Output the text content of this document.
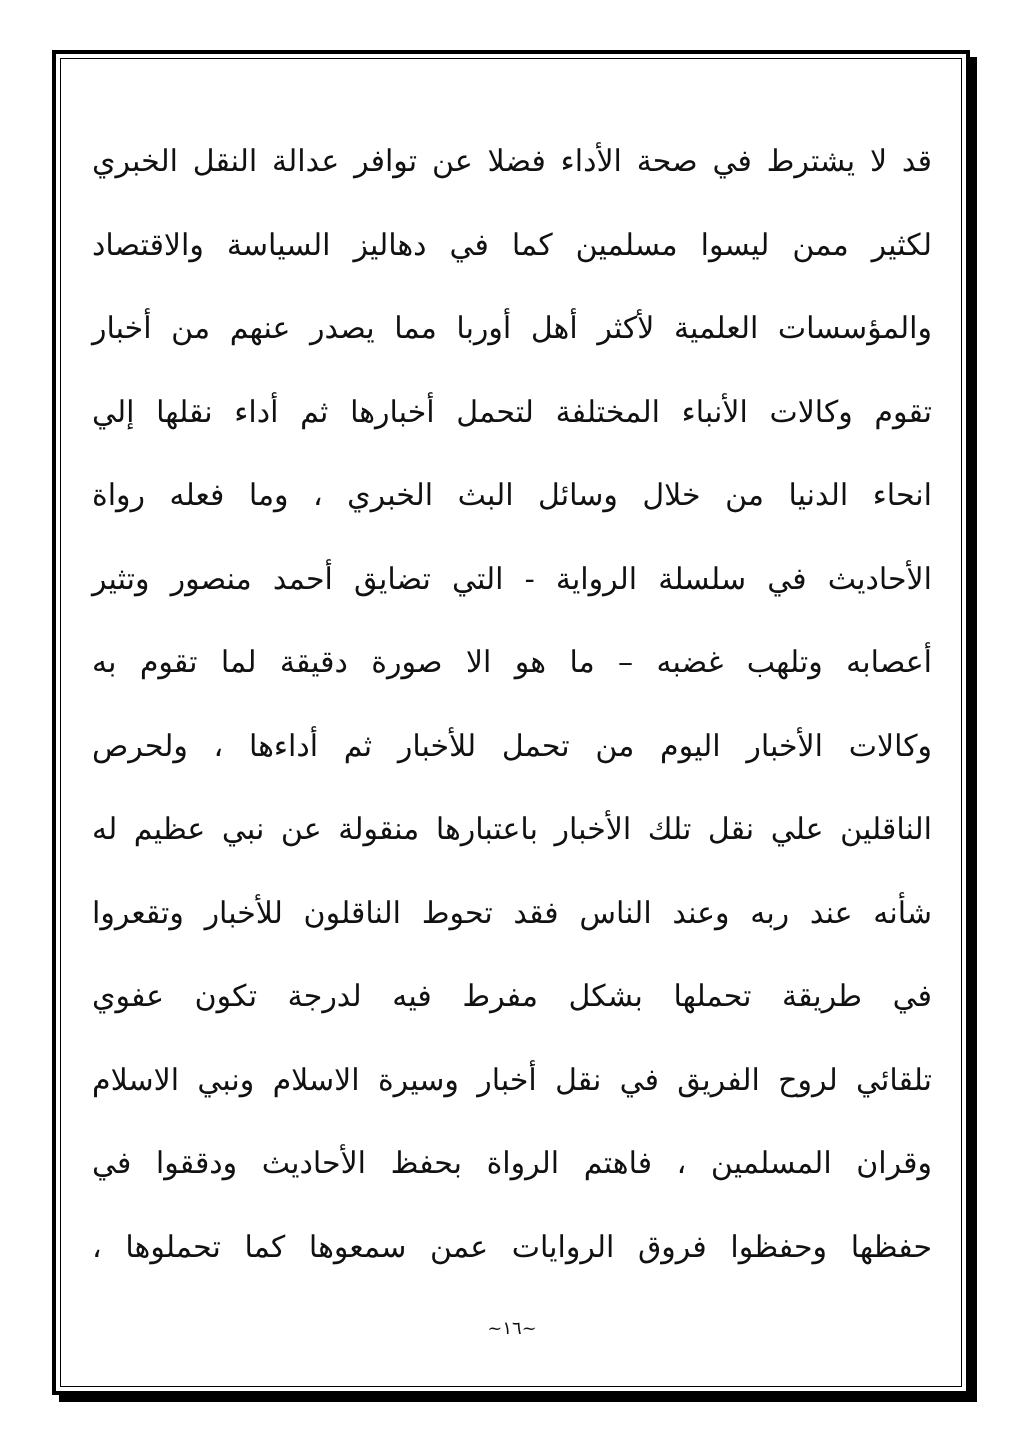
قد لا يشترط في صحة الأداء فضلا عن توافر عدالة النقل الخبري
لكثير ممن ليسوا مسلمين كما في دهاليز السياسة والاقتصاد
والمؤسسات العلمية لأكثر أهل أوربا مما يصدر عنهم من أخبار
تقوم وكالات الأنباء المختلفة لتحمل أخبارها ثم أداء نقلها إلي
انحاء الدنيا من خلال وسائل البث الخبري ، وما فعله رواة
الأحاديث في سلسلة الرواية - التي تضايق أحمد منصور وتثير
أعصابه وتلهب غضبه – ما هو الا صورة دقيقة لما تقوم به
وكالات الأخبار اليوم من تحمل للأخبار ثم أداءها ، ولحرص
الناقلين علي نقل تلك الأخبار باعتبارها منقولة عن نبي عظيم له
شأنه عند ربه وعند الناس فقد تحوط الناقلون للأخبار وتقعروا
في طريقة تحملها بشكل مفرط فيه لدرجة تكون عفوي
تلقائي لروح الفريق في نقل أخبار وسيرة الاسلام ونبي الاسلام
وقران المسلمين ، فاهتم الرواة بحفظ الأحاديث ودققوا في
حفظها وحفظوا فروق الروايات عمن سمعوها كما تحملوها ،
~١٦~
